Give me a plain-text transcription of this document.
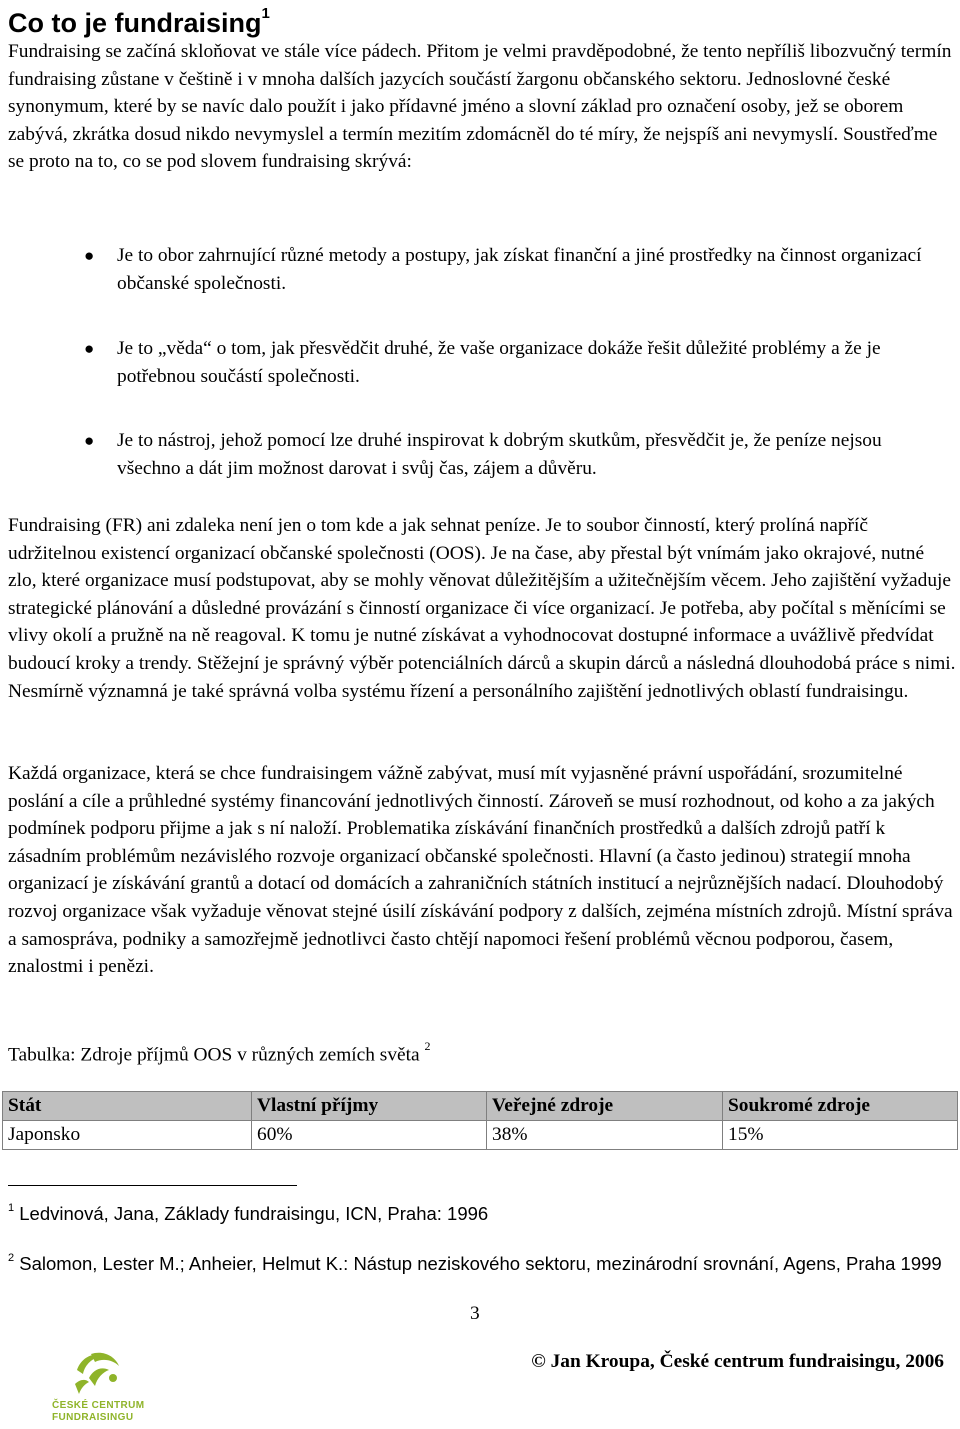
Co to je fundraising$^1$

Fundraising se začíná skloňovat ve stále více pádech. Přitom je velmi pravděpodobné, že tento nepříliš libozvučný termín fundraising zůstane v češtině i v mnoha dalších jazycích součástí žargonu občanského sektoru. Jednoslovné české synonymum, které by se navíc dalo použít i jako přídavné jméno a slovní základ pro označení osoby, jež se oborem zabývá, zkrátka dosud nikdo nevymyslel a termín mezitím zdomácněl do té míry, že nejspíš ani nevymyslí. Soustřeďme se proto na to, co se pod slovem fundraising skrývá:

● Je to obor zahrnující různé metody a postupy, jak získat finanční a jiné prostředky na činnost organizací občanské společnosti.
● Je to „věda“ o tom, jak přesvědčit druhé, že vaše organizace dokáže řešit důležité problémy a že je potřebnou součástí společnosti.
● Je to nástroj, jehož pomocí lze druhé inspirovat k dobrým skutkům, přesvědčit je, že peníze nejsou všechno a dát jim možnost darovat i svůj čas, zájem a důvěru.

Fundraising (FR) ani zdaleka není jen o tom kde a jak sehnat peníze. Je to soubor činností, který prolíná napříč udržitelnou existencí organizací občanské společnosti (OOS). Je na čase, aby přestal být vnímám jako okrajové, nutné zlo, které organizace musí podstupovat, aby se mohly věnovat důležitějším a užitečnějším věcem. Jeho zajištění vyžaduje strategické plánování a důsledné provázání s činností organizace či více organizací. Je potřeba, aby počítal s měnícími se vlivy okolí a pružně na ně reagoval. K tomu je nutné získávat a vyhodnocovat dostupné informace a uvážlivě předvídat budoucí kroky a trendy. Stěžejní je správný výběr potenciálních dárců a skupin dárců a následná dlouhodobá práce s nimi. Nesmírně významná je také správná volba systému řízení a personálního zajištění jednotlivých oblastí fundraisingu.

Každá organizace, která se chce fundraisingem vážně zabývat, musí mít vyjasněné právní uspořádání, srozumitelné poslání a cíle a průhledné systémy financování jednotlivých činností. Zároveň se musí rozhodnout, od koho a za jakých podmínek podporu přijme a jak s ní naloží. Problematika získávání finančních prostředků a dalších zdrojů patří k zásadním problémům nezávislého rozvoje organizací občanské společnosti. Hlavní (a často jedinou) strategií mnoha organizací je získávání grantů a dotací od domácích a zahraničních státních institucí a nejrůznějších nadací. Dlouhodobý rozvoj organizace však vyžaduje věnovat stejné úsilí získávání podpory z dalších, zejména místních zdrojů. Místní správa a samospráva, podniky a samozřejmě jednotlivci často chtějí napomoci řešení problémů věcnou podporou, časem, znalostmi i penězi.

Tabulka: Zdroje příjmů OOS v různých zemích světa $^2$

Stát	Vlastní příjmy	Veřejné zdroje	Soukromé zdroje
Japonsko	60%	38%	15%

$^1$ Ledvinová, Jana, Základy fundraisingu, ICN, Praha: 1996

$^2$ Salomon, Lester M.; Anheier, Helmut K.: Nástup neziskového sektoru, mezinárodní srovnání, Agens, Praha 1999

3
ČESKÉ CENTRUM
FUNDRAISINGU
© Jan Kroupa, České centrum fundraisingu, 2006
